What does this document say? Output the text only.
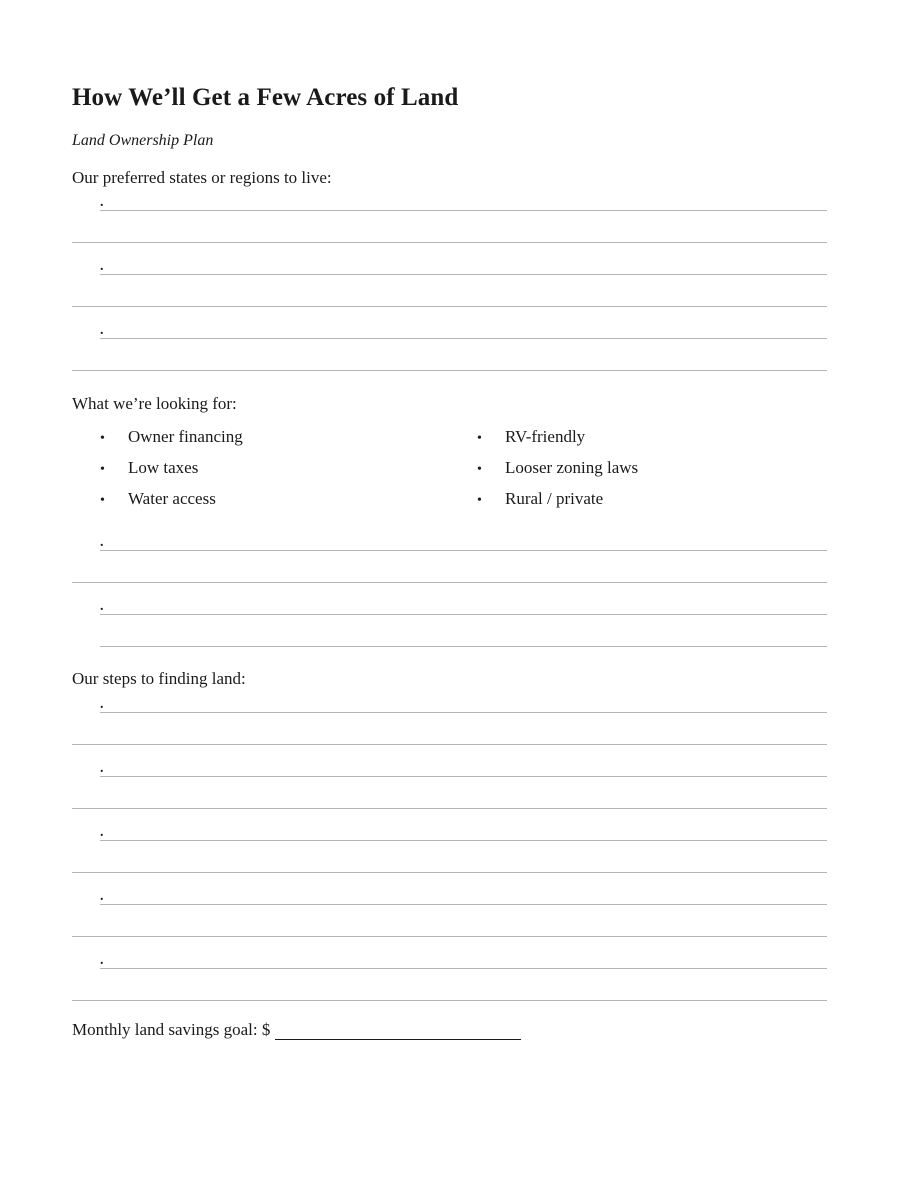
How We’ll Get a Few Acres of Land
Land Ownership Plan
Our preferred states or regions to live:
.
.
.
What we’re looking for:
•	Owner financing
•	Low taxes
•	Water access
•	RV-friendly
•	Looser zoning laws
•	Rural / private
.
.
Our steps to finding land:
.
.
.
.
.
Monthly land savings goal: $
